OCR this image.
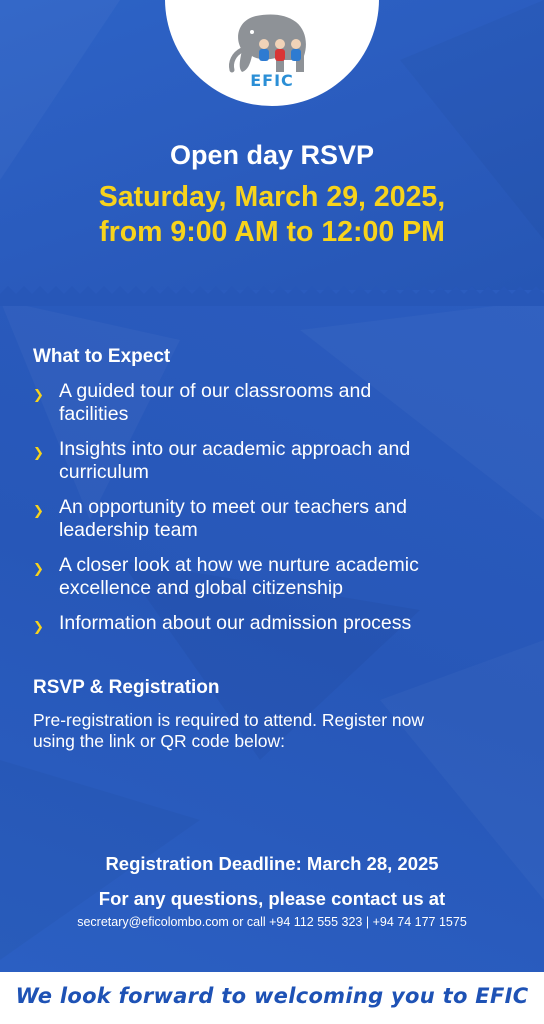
EFIC
Open day RSVP
Saturday, March 29, 2025,
from 9:00 AM to 12:00 PM
What to Expect
❯ A guided tour of our classrooms and
facilities
❯ Insights into our academic approach and
curriculum
❯ An opportunity to meet our teachers and
leadership team
❯ A closer look at how we nurture academic
excellence and global citizenship
❯ Information about our admission process
RSVP & Registration
Pre-registration is required to attend. Register now
using the link or QR code below:
Registration Deadline: March 28, 2025
For any questions, please contact us at
secretary@eficolombo.com or call +94 112 555 323 | +94 74 177 1575
We look forward to welcoming you to EFIC
